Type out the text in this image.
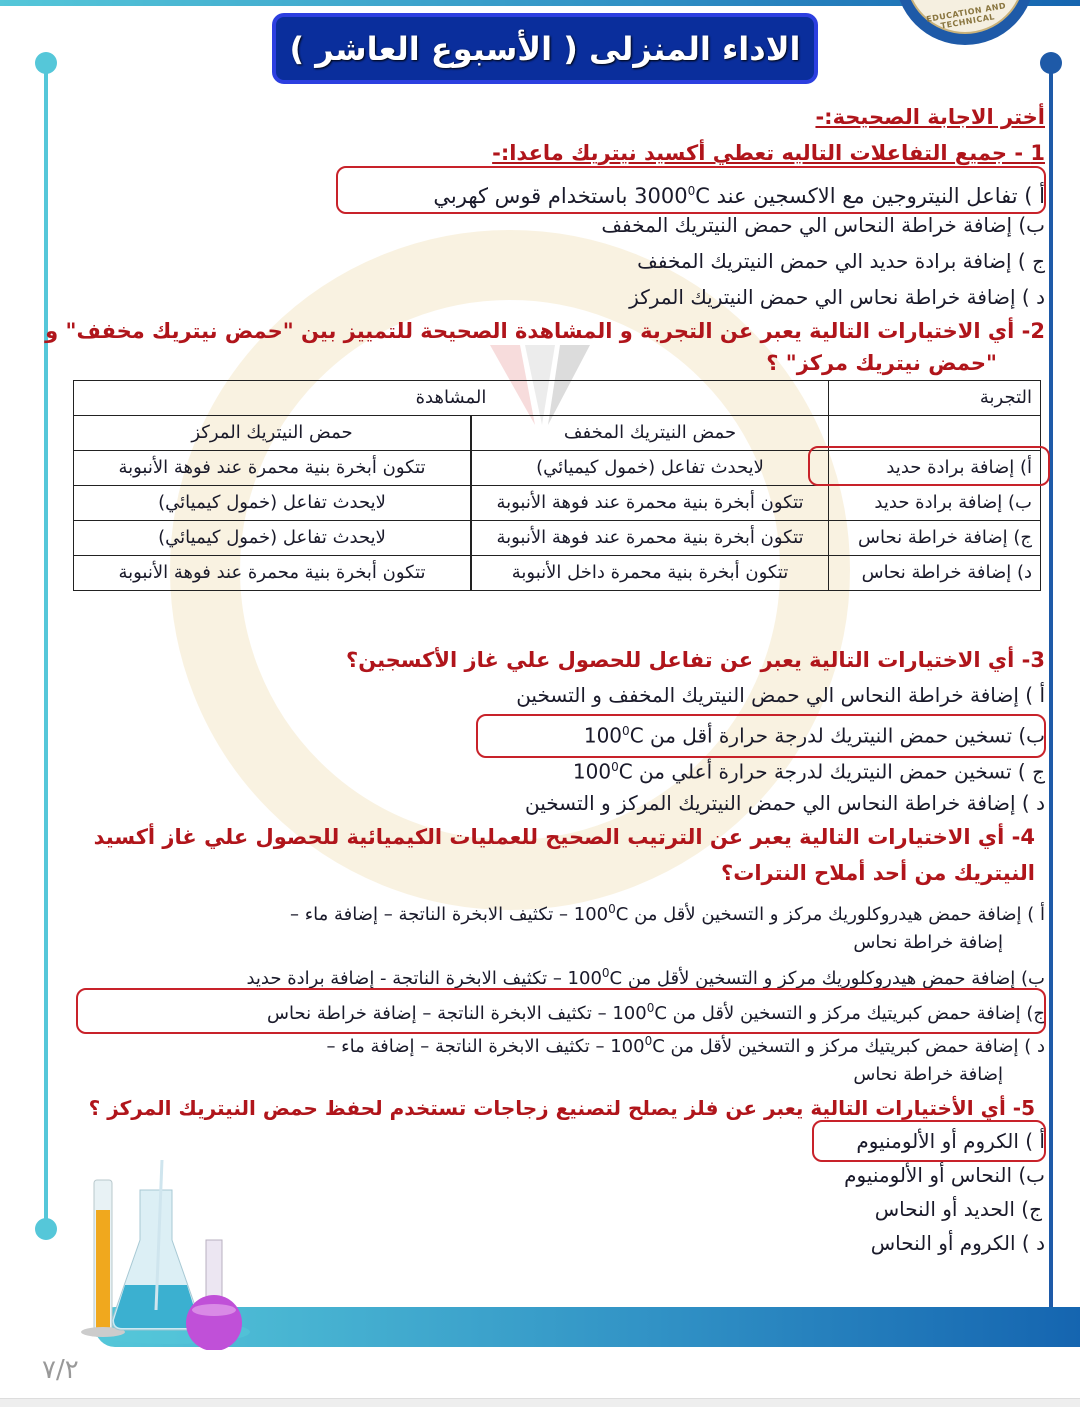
EDUCATION AND TECHNICAL
الاداء المنزلى ( الأسبوع العاشر )
أختر الاجابة الصحيحة:-
1 - جميع التفاعلات التاليه تعطي أكسيد نيتريك ماعدا:-
أ ) تفاعل النيتروجين مع الاكسجين عند 3000$^0$C باستخدام قوس كهربي
ب) إضافة خراطة النحاس الي حمض النيتريك المخفف
ج ) إضافة برادة حديد الي حمض النيتريك المخفف
د ) إضافة خراطة نحاس الي حمض النيتريك المركز
2- أي الاختيارات التالية يعبر عن التجربة و المشاهدة الصحيحة للتمييز بين "حمض نيتريك مخفف" و
"حمض نيتريك مركز" ؟
3- أي الاختيارات التالية يعبر عن تفاعل للحصول علي غاز الأكسجين؟
أ ) إضافة خراطة النحاس الي حمض النيتريك المخفف و التسخين
ب) تسخين حمض النيتريك لدرجة حرارة أقل من $100^0C$
ج ) تسخين حمض النيتريك لدرجة حرارة أعلي من $100^0C$
د ) إضافة خراطة النحاس الي حمض النيتريك المركز و التسخين
4- أي الاختيارات التالية يعبر عن الترتيب الصحيح للعمليات الكيميائية للحصول علي غاز أكسيد
النيتريك من أحد أملاح النترات؟
أ ) إضافة حمض هيدروكلوريك مركز و التسخين لأقل من $100^0C$ – تكثيف الابخرة الناتجة – إضافة ماء –
إضافة خراطة نحاس
ب) إضافة حمض هيدروكلوريك مركز و التسخين لأقل من $100^0C$ – تكثيف الابخرة الناتجة - إضافة برادة حديد
ج) إضافة حمض كبريتيك مركز و التسخين لأقل من $100^0C$ – تكثيف الابخرة الناتجة – إضافة خراطة نحاس
د ) إضافة حمض كبريتيك مركز و التسخين لأقل من $100^0C$ – تكثيف الابخرة الناتجة – إضافة ماء –
إضافة خراطة نحاس
5- أي الأختيارات التالية يعبر عن فلز يصلح لتصنيع زجاجات تستخدم لحفظ حمض النيتريك المركز ؟
أ ) الكروم أو الألومنيوم
ب) النحاس أو الألومنيوم
ج) الحديد أو النحاس
د ) الكروم أو النحاس
التجربة	المشاهدة	
	حمض النيتريك المخفف	حمض النيتريك المركز
أ) إضافة برادة حديد	لايحدث تفاعل (خمول كيميائي)	تتكون أبخرة بنية محمرة عند فوهة الأنبوبة
ب) إضافة برادة حديد	تتكون أبخرة بنية محمرة عند فوهة الأنبوبة	لايحدث تفاعل (خمول كيميائي)
ج) إضافة خراطة نحاس	تتكون أبخرة بنية محمرة عند فوهة الأنبوبة	لايحدث تفاعل (خمول كيميائي)
د) إضافة خراطة نحاس	تتكون أبخرة بنية محمرة داخل الأنبوبة	تتكون أبخرة بنية محمرة عند فوهة الأنبوبة
٧/٢
